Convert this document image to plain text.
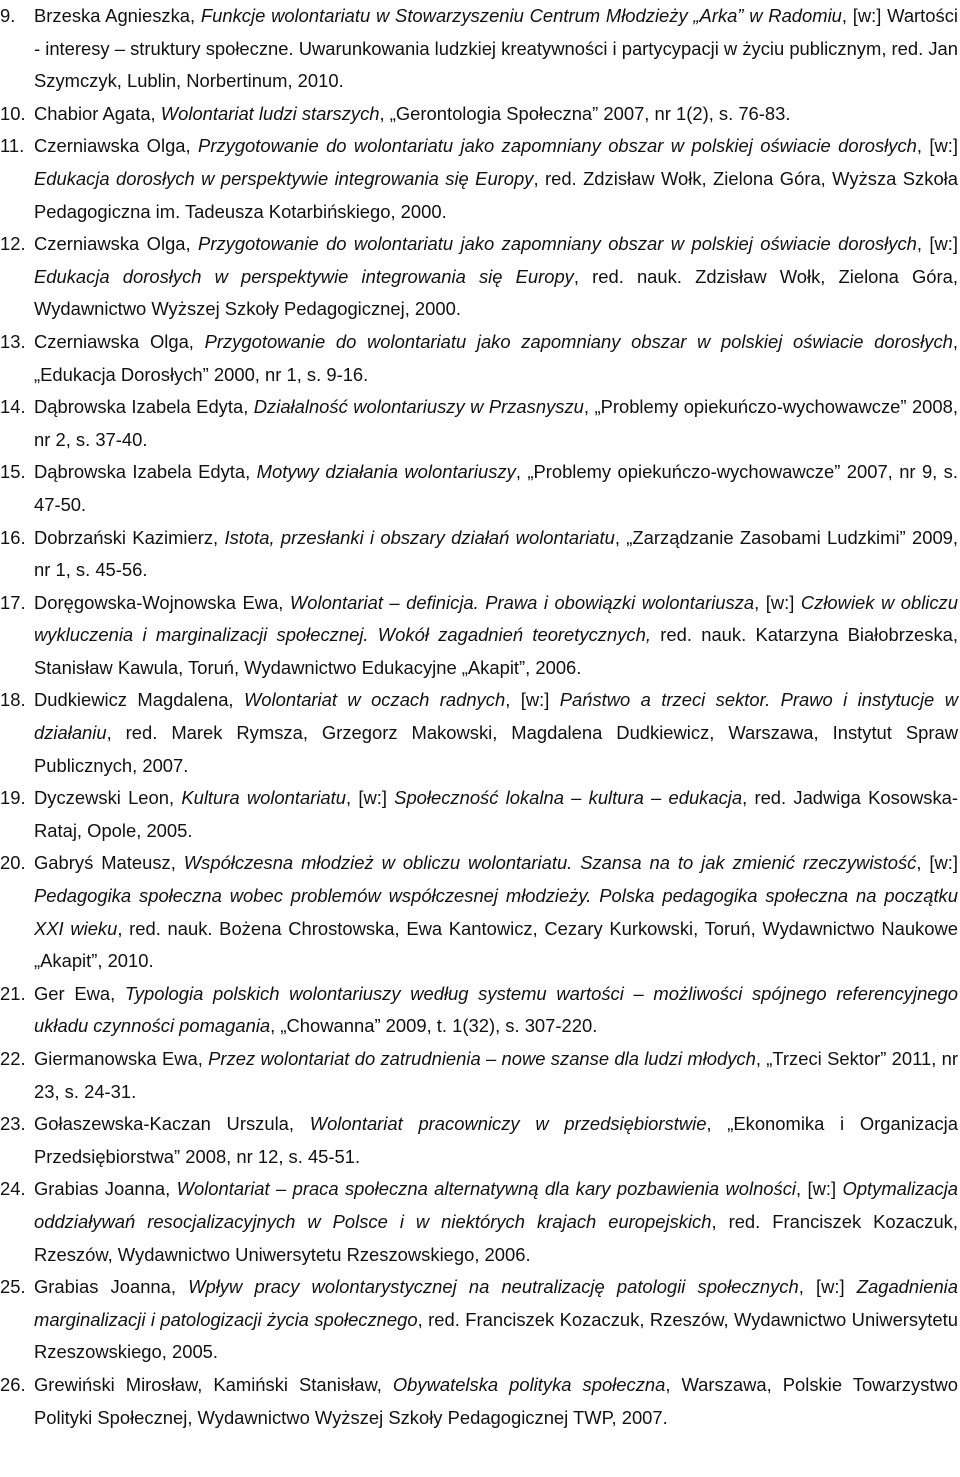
9.	Brzeska Agnieszka, Funkcje wolontariatu w Stowarzyszeniu Centrum Młodzieży „Arka” w Radomiu, [w:] Wartości - interesy – struktury społeczne. Uwarunkowania ludzkiej kreatywności i partycypacji w życiu publicznym, red. Jan Szymczyk, Lublin, Norbertinum, 2010.
10. Chabior Agata, Wolontariat ludzi starszych, „Gerontologia Społeczna” 2007, nr 1(2), s. 76-83.
11. Czerniawska Olga, Przygotowanie do wolontariatu jako zapomniany obszar w polskiej oświacie dorosłych, [w:] Edukacja dorosłych w perspektywie integrowania się Europy, red. Zdzisław Wołk, Zielona Góra, Wyższa Szkoła Pedagogiczna im. Tadeusza Kotarbińskiego, 2000.
12. Czerniawska Olga, Przygotowanie do wolontariatu jako zapomniany obszar w polskiej oświacie dorosłych, [w:] Edukacja dorosłych w perspektywie integrowania się Europy, red. nauk. Zdzisław Wołk, Zielona Góra, Wydawnictwo Wyższej Szkoły Pedagogicznej, 2000.
13. Czerniawska Olga, Przygotowanie do wolontariatu jako zapomniany obszar w polskiej oświacie dorosłych, „Edukacja Dorosłych” 2000, nr 1, s. 9-16.
14. Dąbrowska Izabela Edyta, Działalność wolontariuszy w Przasnyszu, „Problemy opiekuńczo-wychowawcze” 2008, nr 2, s. 37-40.
15. Dąbrowska Izabela Edyta, Motywy działania wolontariuszy, „Problemy opiekuńczo-wychowawcze” 2007, nr 9, s. 47-50.
16. Dobrzański Kazimierz, Istota, przesłanki i obszary działań wolontariatu, „Zarządzanie Zasobami Ludzkimi” 2009, nr 1, s. 45-56.
17. Doręgowska-Wojnowska Ewa, Wolontariat – definicja. Prawa i obowiązki wolontariusza, [w:] Człowiek w obliczu wykluczenia i marginalizacji społecznej. Wokół zagadnień teoretycznych, red. nauk. Katarzyna Białobrzeska, Stanisław Kawula, Toruń, Wydawnictwo Edukacyjne „Akapit”, 2006.
18. Dudkiewicz Magdalena, Wolontariat w oczach radnych, [w:] Państwo a trzeci sektor. Prawo i instytucje w działaniu, red. Marek Rymsza, Grzegorz Makowski, Magdalena Dudkiewicz, Warszawa, Instytut Spraw Publicznych, 2007.
19. Dyczewski Leon, Kultura wolontariatu, [w:] Społeczność lokalna – kultura – edukacja, red. Jadwiga Kosowska-Rataj, Opole, 2005.
20. Gabryś Mateusz, Współczesna młodzież w obliczu wolontariatu. Szansa na to jak zmienić rzeczywistość, [w:] Pedagogika społeczna wobec problemów współczesnej młodzieży. Polska pedagogika społeczna na początku XXI wieku, red. nauk. Bożena Chrostowska, Ewa Kantowicz, Cezary Kurkowski, Toruń, Wydawnictwo Naukowe „Akapit”, 2010.
21. Ger Ewa, Typologia polskich wolontariuszy według systemu wartości – możliwości spójnego referencyjnego układu czynności pomagania, „Chowanna” 2009, t. 1(32), s. 307-220.
22. Giermanowska Ewa, Przez wolontariat do zatrudnienia – nowe szanse dla ludzi młodych, „Trzeci Sektor” 2011, nr 23, s. 24-31.
23. Gołaszewska-Kaczan Urszula, Wolontariat pracowniczy w przedsiębiorstwie, „Ekonomika i Organizacja Przedsiębiorstwa” 2008, nr 12, s. 45-51.
24. Grabias Joanna, Wolontariat – praca społeczna alternatywną dla kary pozbawienia wolności, [w:] Optymalizacja oddziaływań resocjalizacyjnych w Polsce i w niektórych krajach europejskich, red. Franciszek Kozaczuk, Rzeszów, Wydawnictwo Uniwersytetu Rzeszowskiego, 2006.
25. Grabias Joanna, Wpływ pracy wolontarystycznej na neutralizację patologii społecznych, [w:] Zagadnienia marginalizacji i patologizacji życia społecznego, red. Franciszek Kozaczuk, Rzeszów, Wydawnictwo Uniwersytetu Rzeszowskiego, 2005.
26. Grewiński Mirosław, Kamiński Stanisław, Obywatelska polityka społeczna, Warszawa, Polskie Towarzystwo Polityki Społecznej, Wydawnictwo Wyższej Szkoły Pedagogicznej TWP, 2007.
